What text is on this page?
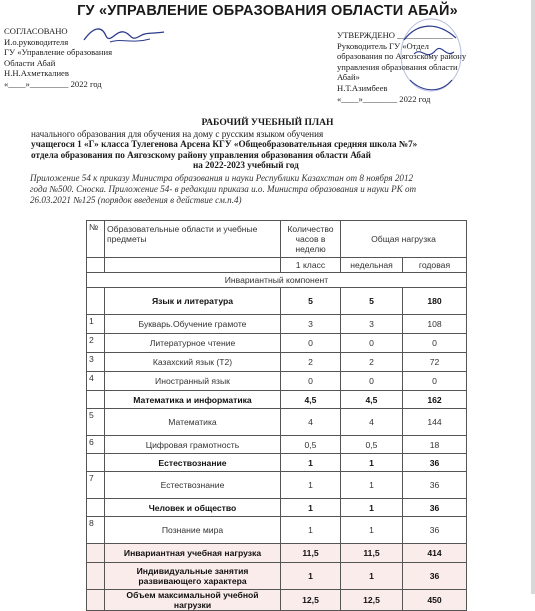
ГУ «УПРАВЛЕНИЕ ОБРАЗОВАНИЯ ОБЛАСТИ АБАЙ»
СОГЛАСОВАНО
И.о.руководителя
ГУ «Управление образования
Области Абай
Н.Н.Ахметкалиев
«____»_________ 2022 год
УТВЕРЖДЕНО _____________
Руководитель ГУ «Отдел
образования по Аягозскому району
управления образования области
Абай»
Н.Т.Азимбеев
«____»________ 2022 год
РАБОЧИЙ УЧЕБНЫЙ ПЛАН
начального образования для обучения на дому с русским языком обучения
учащегося 1 «Г» класса Тулегенова Арсена КГУ «Общеобразовательная средняя школа №7»
отдела образования по Аягозскому району управления образования области Абай
на 2022-2023 учебный год
Приложение 54 к приказу Министра образования и науки Республики Казахстан от 8 ноября 2012
года №500. Сноска. Приложение 54- в редакции приказа и.о. Министра образования и науки РК от
26.03.2021 №125 (порядок введения в действие см.п.4)
№	Образовательные области и учебные предметы	Количество часов в неделю	Общая нагрузка	

		1 класс	недельная	годовая
Инвариантный компонент				
	Язык и литература	5	5	180
1	Букварь.Обучение грамоте	3	3	108
2	Литературное чтение	0	0	0
3	Казахский язык (Т2)	2	2	72
4	Иностранный язык	0	0	0
	Математика и информатика	4,5	4,5	162
5	Математика	4	4	144
6	Цифровая грамотность	0,5	0,5	18
	Естествознание	1	1	36
7	Естествознание	1	1	36
	Человек и общество	1	1	36
8	Познание мира	1	1	36
	Инвариантная учебная нагрузка	11,5	11,5	414
	Индивидуальные занятия развивающего характера	1	1	36
	Объем максимальной учебной нагрузки	12,5	12,5	450
